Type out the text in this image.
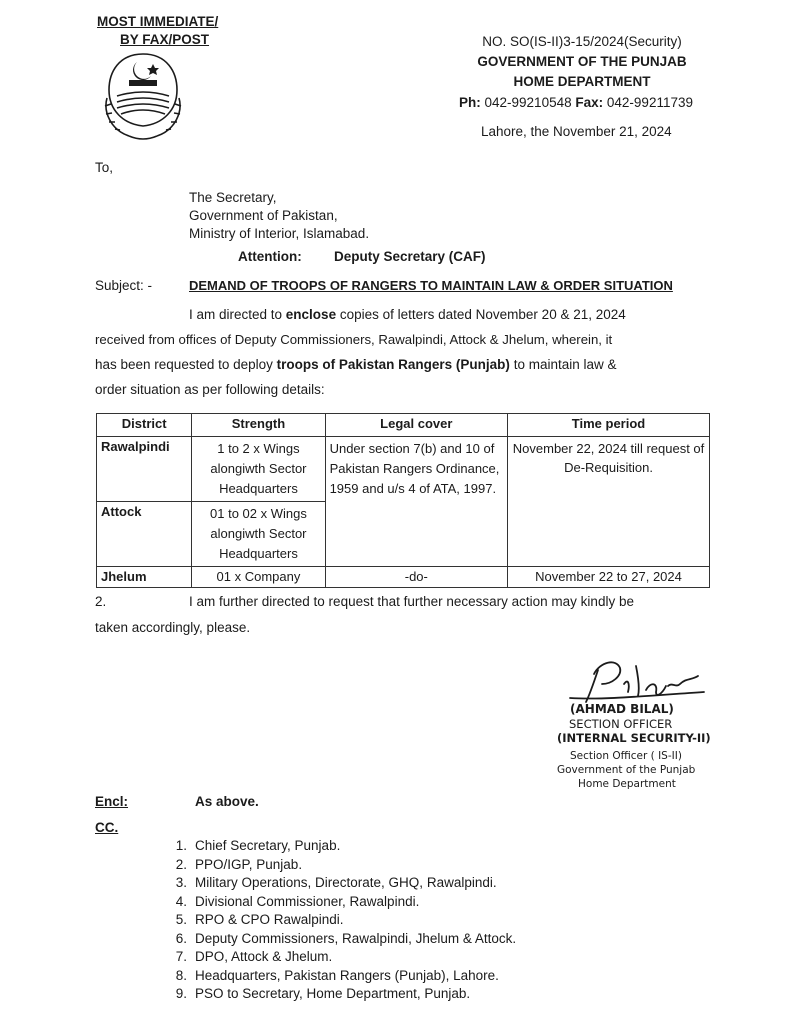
MOST IMMEDIATE/
BY FAX/POST	NO. SO(IS-II)3-15/2024(Security)
GOVERNMENT OF THE PUNJAB
HOME DEPARTMENT
Ph: 042-99210548 Fax: 042-99211739
Lahore, the November 21, 2024
To,
The Secretary,
Government of Pakistan,
Ministry of Interior, Islamabad.
Attention: Deputy Secretary (CAF)
Subject: -	DEMAND OF TROOPS OF RANGERS TO MAINTAIN LAW & ORDER SITUATION
I am directed to enclose copies of letters dated November 20 & 21, 2024
received from offices of Deputy Commissioners, Rawalpindi, Attock & Jhelum, wherein, it
has been requested to deploy troops of Pakistan Rangers (Punjab) to maintain law &
order situation as per following details:
District	Strength	Legal cover	Time period
Rawalpindi	1 to 2 x Wings alongiwth Sector Headquarters	Under section 7(b) and 10 of Pakistan Rangers Ordinance, 1959 and u/s 4 of ATA, 1997.	November 22, 2024 till request of De-Requisition.
Attock	01 to 02 x Wings alongiwth Sector Headquarters		
Jhelum	01 x Company	-do-	November 22 to 27, 2024
2.	I am further directed to request that further necessary action may kindly be
taken accordingly, please.
(AHMAD BILAL)
SECTION OFFICER
(INTERNAL SECURITY-II)
Section Officer ( IS-II)
Government of the Punjab
Home Department
Encl:	As above.
CC.
1. Chief Secretary, Punjab.
2. PPO/IGP, Punjab.
3. Military Operations, Directorate, GHQ, Rawalpindi.
4. Divisional Commissioner, Rawalpindi.
5. RPO & CPO Rawalpindi.
6. Deputy Commissioners, Rawalpindi, Jhelum & Attock.
7. DPO, Attock & Jhelum.
8. Headquarters, Pakistan Rangers (Punjab), Lahore.
9. PSO to Secretary, Home Department, Punjab.
